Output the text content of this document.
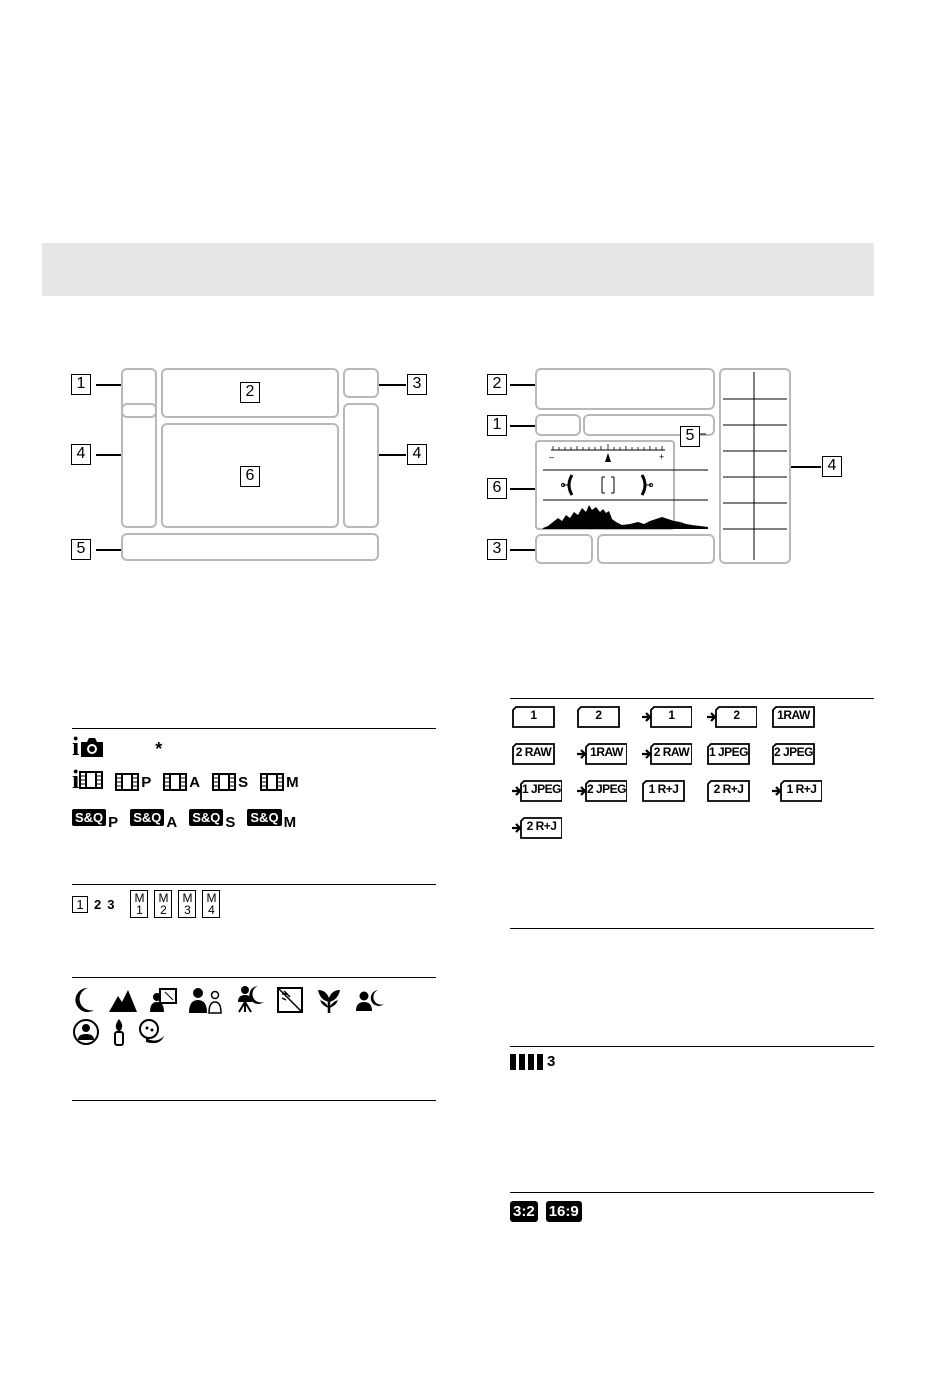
1	2	3
4	4
6
5
–	+
2
1
5
6
3
4
i	*
i	P	A	S	M
S&Q P S&Q A S&Q S S&Q M
1 2 3 M
1
M
2
M
3
M
4
1	2	1	2	1RAW
2 RAW	1RAW	2 RAW	1 JPEG 2 JPEG
1 JPEG 2 JPEG	1 R+J	2 R+J	1 R+J
2 R+J
3
3:2 16:9
